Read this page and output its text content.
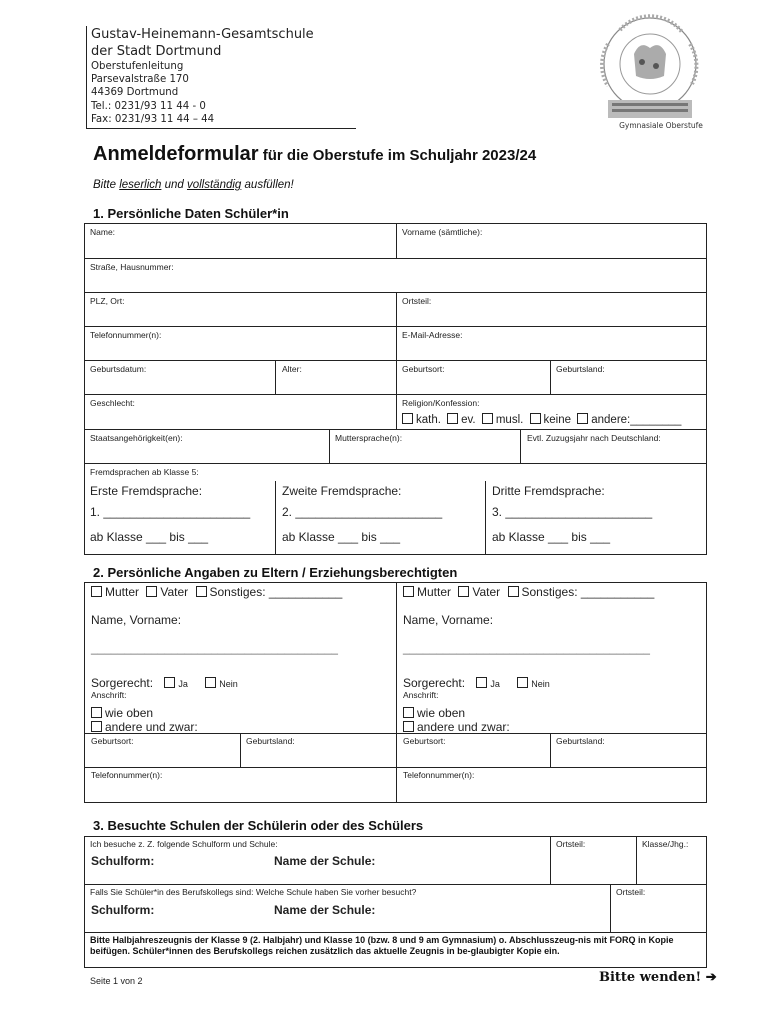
Gustav-Heinemann-Gesamtschule
der Stadt Dortmund
Oberstufenleitung
Parsevalstraße 170
44369 Dortmund
Tel.: 0231/93 11 44 - 0
Fax: 0231/93 11 44 – 44
Gymnasiale Oberstufe
Anmeldeformular für die Oberstufe im Schuljahr 2023/24
Bitte leserlich und vollständig ausfüllen!
1. Persönliche Daten Schüler*in
Name:	Vorname (sämtliche):
Straße, Hausnummer:
PLZ, Ort:	Ortsteil:
Telefonnummer(n):	E-Mail-Adresse:
Geburtsdatum:	Alter:	Geburtsort:	Geburtsland:
Geschlecht:	Religion/Konfession:
kath. ev. musl. keine andere:________
Staatsangehörigkeit(en):	Muttersprache(n):	Evtl. Zuzugsjahr nach Deutschland:
Fremdsprachen ab Klasse 5:
Erste Fremdsprache:	Zweite Fremdsprache:	Dritte Fremdsprache:
1. ______________________	2. ______________________	3. ______________________
ab Klasse ___ bis ___	ab Klasse ___ bis ___	ab Klasse ___ bis ___
2. Persönliche Angaben zu Eltern / Erziehungsberechtigten
Mutter Vater Sonstiges: ___________
Name, Vorname:
_____________________________________
Sorgerecht:	Ja	Nein
Anschrift:
wie oben
andere und zwar:
Geburtsort:	Geburtsland:
Telefonnummer(n):
Mutter Vater Sonstiges: ___________
Name, Vorname:
_____________________________________
Sorgerecht:	Ja	Nein
Anschrift:
wie oben
andere und zwar:
Geburtsort:	Geburtsland:
Telefonnummer(n):
3. Besuchte Schulen der Schülerin oder des Schülers
Ich besuche z. Z. folgende Schulform und Schule:	Ortsteil:	Klasse/Jhg.:
Schulform:	Name der Schule:
Falls Sie Schüler*in des Berufskollegs sind: Welche Schule haben Sie vorher besucht?	Ortsteil:
Schulform:	Name der Schule:
Bitte Halbjahreszeugnis der Klasse 9 (2. Halbjahr) und Klasse 10 (bzw. 8 und 9 am Gymnasium) o. Abschlusszeug-nis mit FORQ in Kopie beifügen. Schüler*innen des Berufskollegs reichen zusätzlich das aktuelle Zeugnis in be-glaubigter Kopie ein.
Seite 1 von 2	Bitte wenden! ➔
